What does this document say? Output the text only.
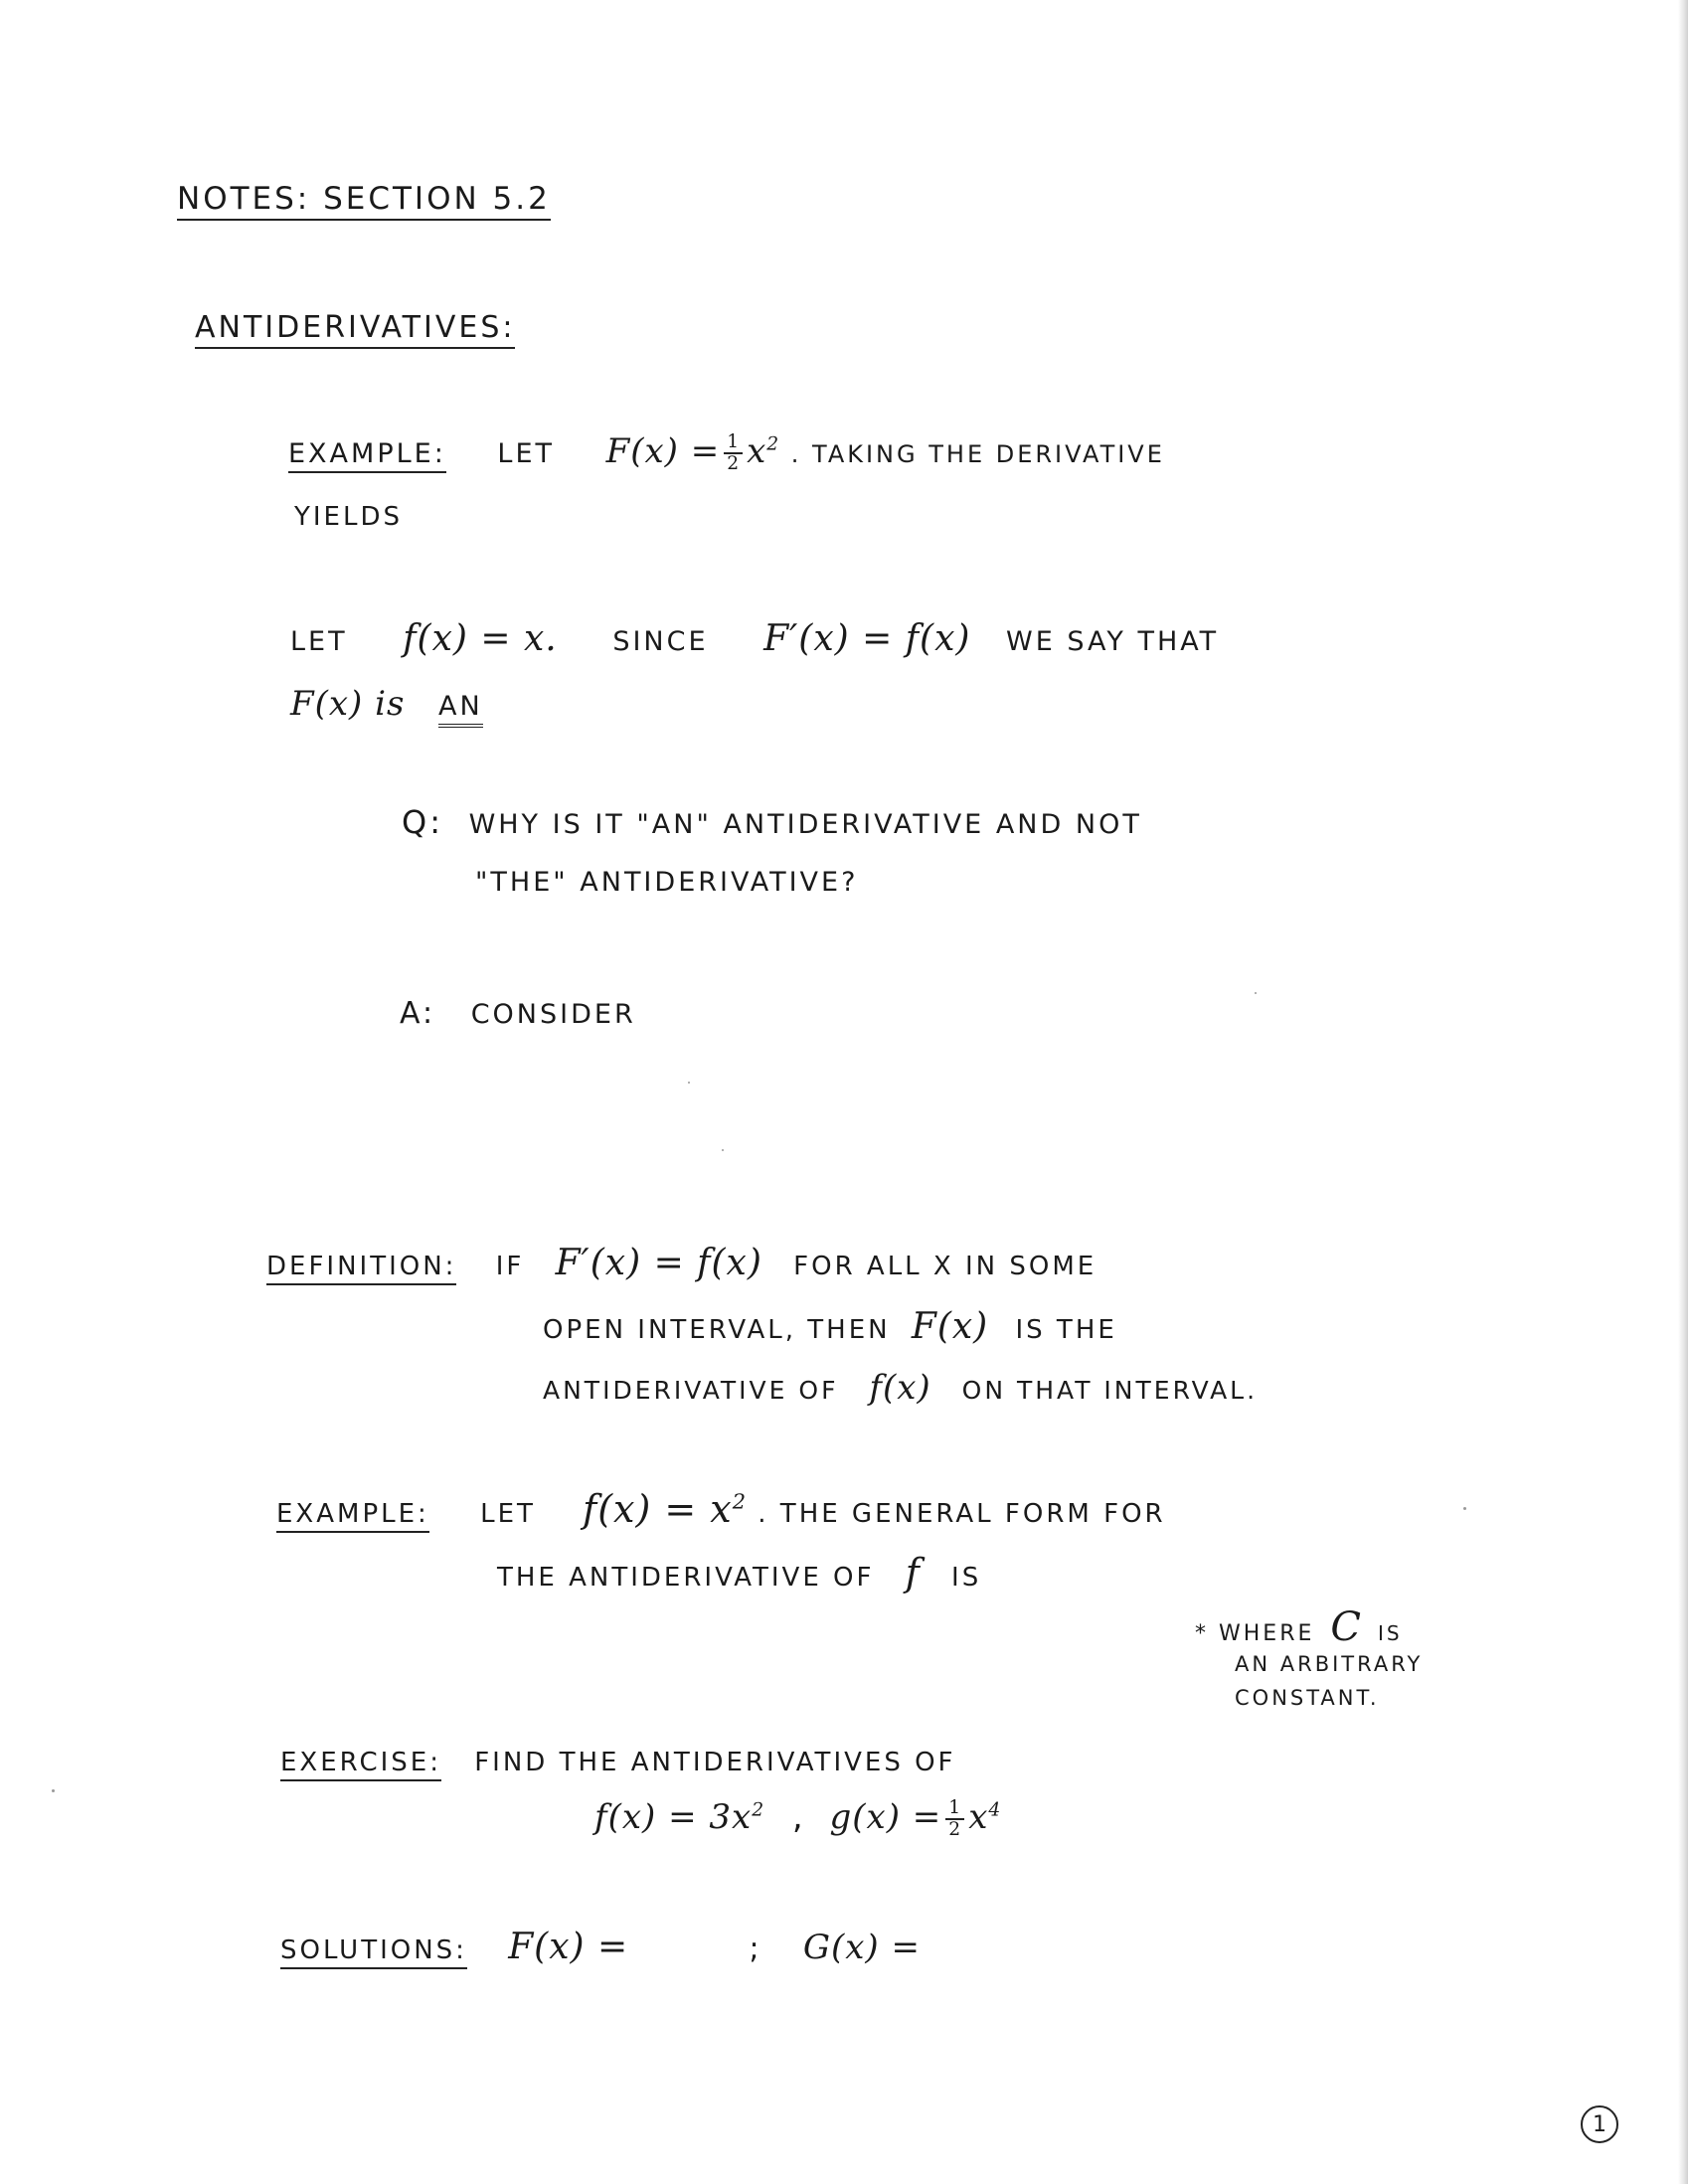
NOTES: SECTION 5.2
ANTIDERIVATIVES:
EXAMPLE: LET $F(x) = \frac{1}{2} x^2$ . TAKING THE DERIVATIVE
YIELDS
LET f(x) = x. SINCE F′(x) = f(x) WE SAY THAT
F(x) is AN
Q: WHY IS IT "AN" ANTIDERIVATIVE AND NOT
"THE" ANTIDERIVATIVE?
A: CONSIDER
DEFINITION: IF F′(x) = f(x) FOR ALL X IN SOME
OPEN INTERVAL, THEN F(x) IS THE
ANTIDERIVATIVE OF f(x) ON THAT INTERVAL.
EXAMPLE: LET $f(x) = x^2$ . THE GENERAL FORM FOR
THE ANTIDERIVATIVE OF f IS
* WHERE C IS
AN ARBITRARY
CONSTANT.
EXERCISE: FIND THE ANTIDERIVATIVES OF
$f(x) = 3x^2$ , $g(x) = \frac{1}{2} x^4$
SOLUTIONS: F(x) =	; G(x) =
1
